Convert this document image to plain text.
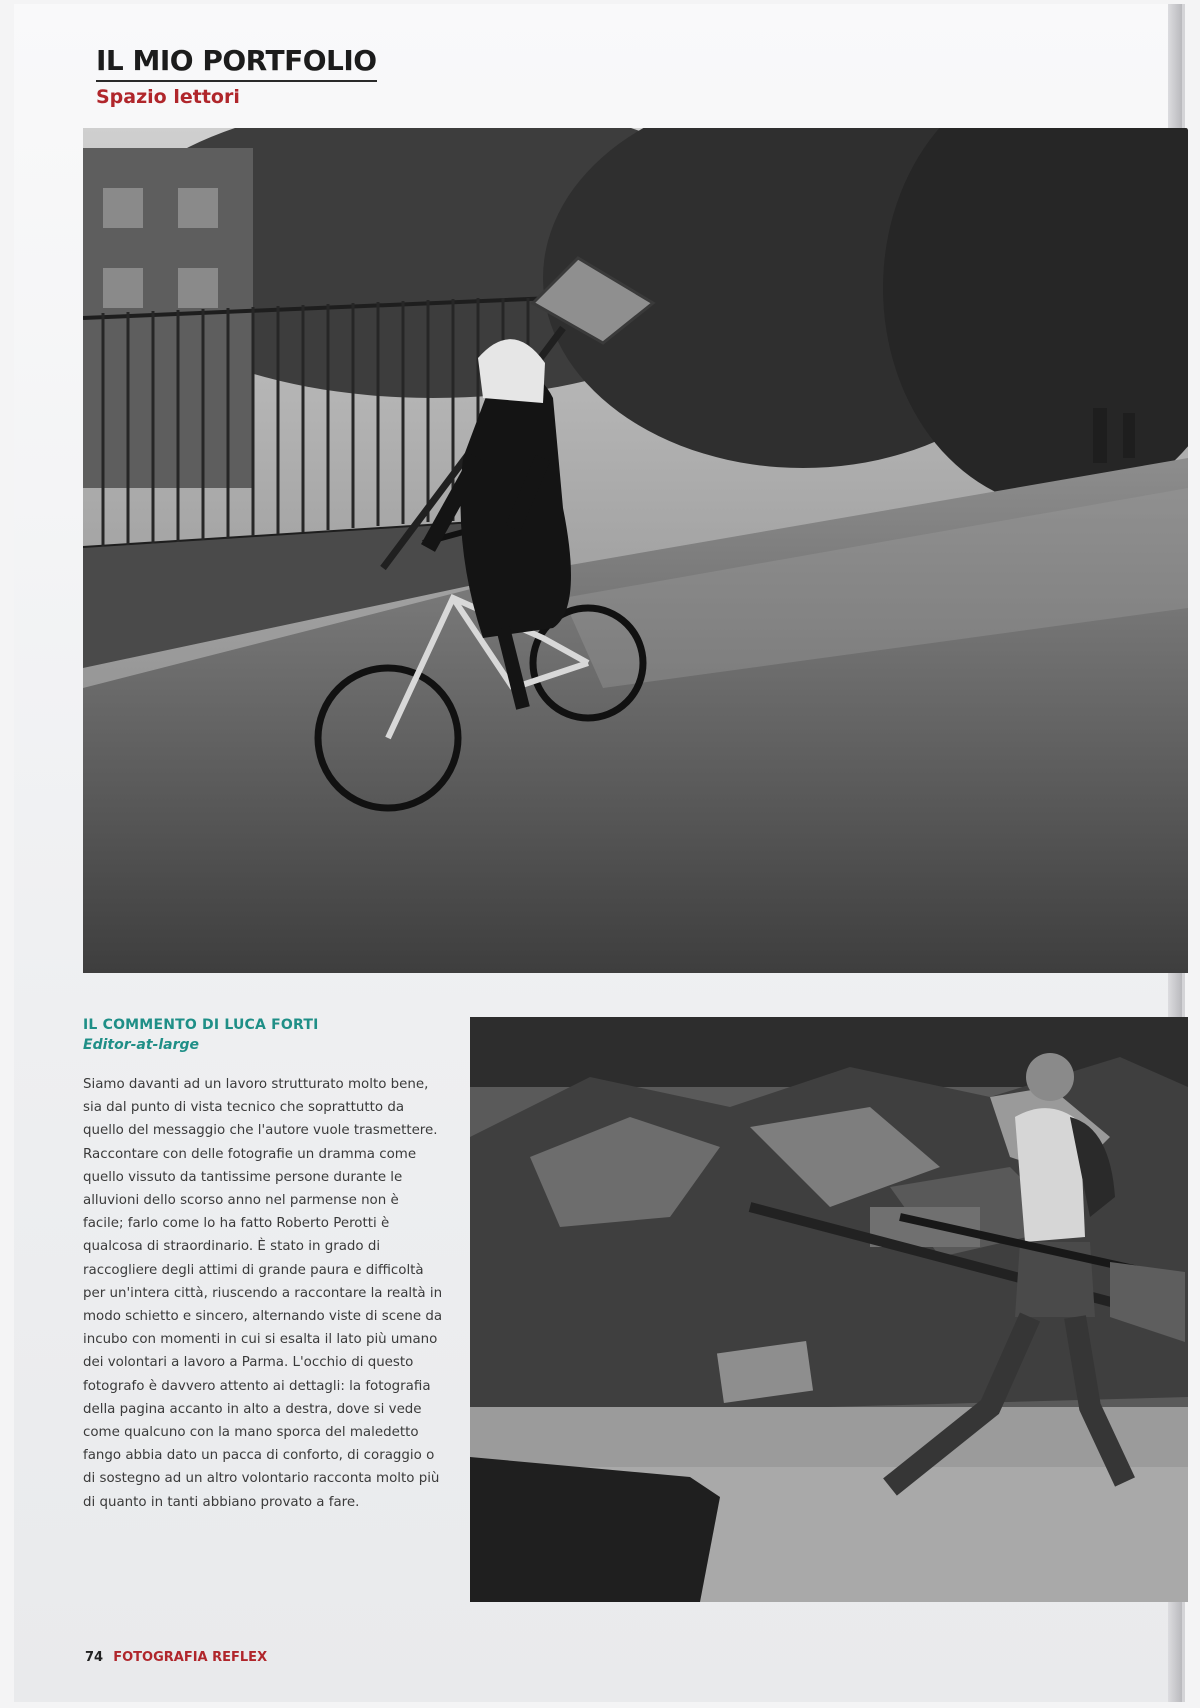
IL MIO PORTFOLIO
Spazio lettori
IL COMMENTO DI LUCA FORTI
Editor-at-large
Siamo davanti ad un lavoro strutturato molto bene, sia dal punto di vista tecnico che soprattutto da quello del messaggio che l'autore vuole trasmettere. Raccontare con delle fotografie un dramma come quello vissuto da tantissime persone durante le alluvioni dello scorso anno nel parmense non è facile; farlo come lo ha fatto Roberto Perotti è qualcosa di straordinario. È stato in grado di raccogliere degli attimi di grande paura e difficoltà per un'intera città, riuscendo a raccontare la realtà in modo schietto e sincero, alternando viste di scene da incubo con momenti in cui si esalta il lato più umano dei volontari a lavoro a Parma. L'occhio di questo fotografo è davvero attento ai dettagli: la fotografia della pagina accanto in alto a destra, dove si vede come qualcuno con la mano sporca del maledetto fango abbia dato un pacca di conforto, di coraggio o di sostegno ad un altro volontario racconta molto più di quanto in tanti abbiano provato a fare.
74 FOTOGRAFIA REFLEX
